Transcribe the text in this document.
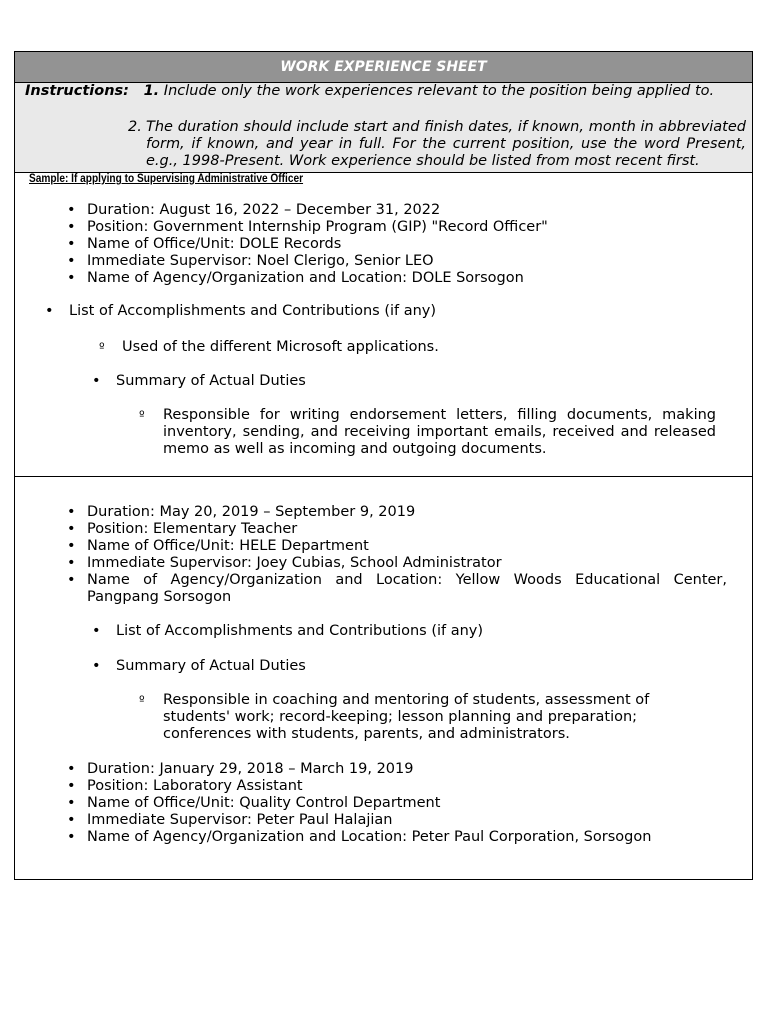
WORK EXPERIENCE SHEET
Instructions: 1. Include only the work experiences relevant to the position being applied to.
2. The duration should include start and finish dates, if known, month in abbreviated form, if known, and year in full. For the current position, use the word Present, e.g., 1998-Present. Work experience should be listed from most recent first.
Sample: If applying to Supervising Administrative Officer
• Duration: August 16, 2022 – December 31, 2022
• Position: Government Internship Program (GIP) "Record Officer"
• Name of Office/Unit: DOLE Records
• Immediate Supervisor: Noel Clerigo, Senior LEO
• Name of Agency/Organization and Location: DOLE Sorsogon
• List of Accomplishments and Contributions (if any)
º Used of the different Microsoft applications.
• Summary of Actual Duties
º Responsible for writing endorsement letters, filling documents, making inventory, sending, and receiving important emails, received and released memo as well as incoming and outgoing documents.
• Duration: May 20, 2019 – September 9, 2019
• Position: Elementary Teacher
• Name of Office/Unit: HELE Department
• Immediate Supervisor: Joey Cubias, School Administrator
• Name of Agency/Organization and Location: Yellow Woods Educational Center, Pangpang Sorsogon
• List of Accomplishments and Contributions (if any)
• Summary of Actual Duties
º Responsible in coaching and mentoring of students, assessment of students' work; record-keeping; lesson planning and preparation; conferences with students, parents, and administrators.
• Duration: January 29, 2018 – March 19, 2019
• Position: Laboratory Assistant
• Name of Office/Unit: Quality Control Department
• Immediate Supervisor: Peter Paul Halajian
• Name of Agency/Organization and Location: Peter Paul Corporation, Sorsogon
